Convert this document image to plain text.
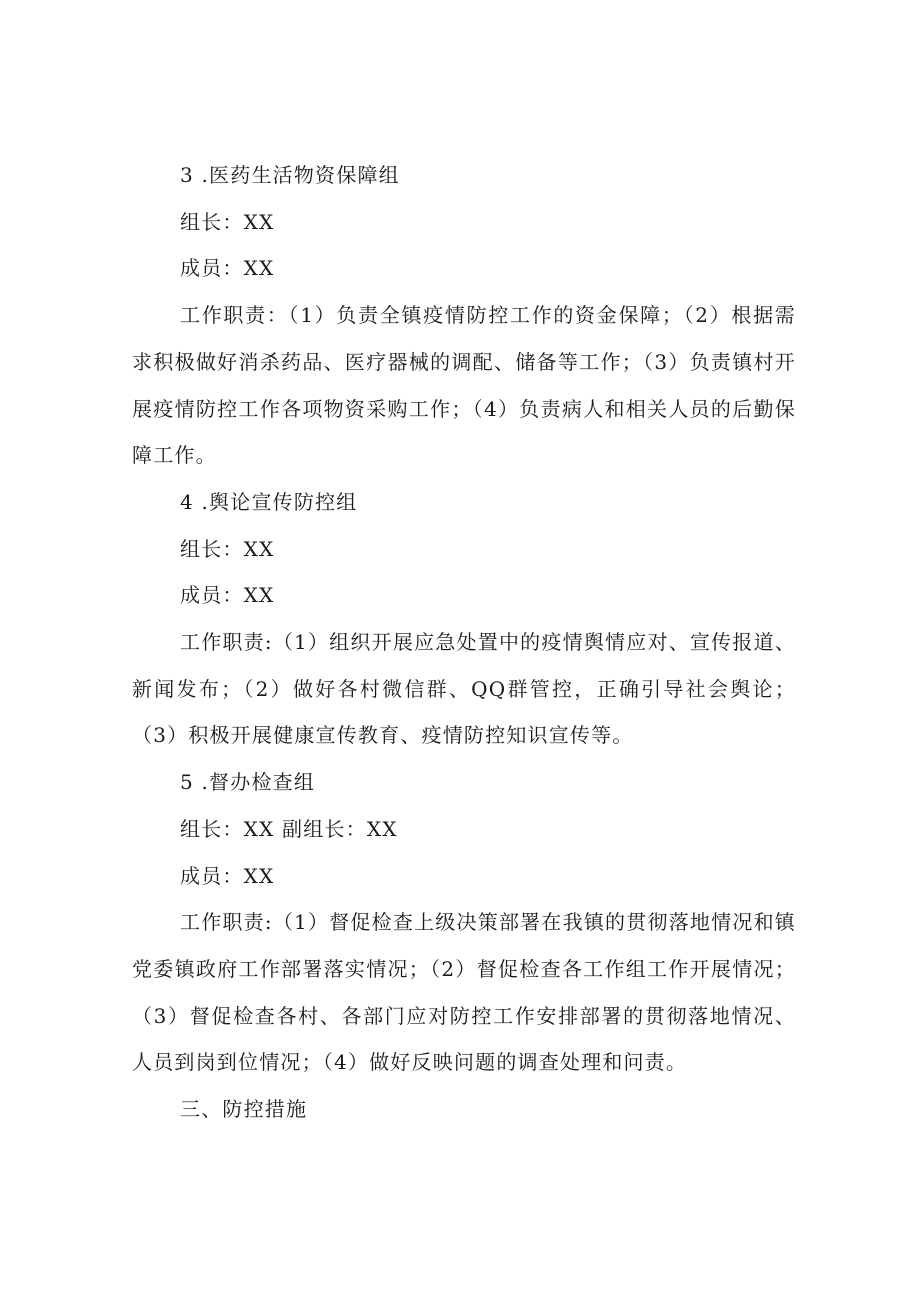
3 .医药生活物资保障组

组长：XX

成员：XX

工作职责：（1）负责全镇疫情防控工作的资金保障；（2）根据需求积极做好消杀药品、医疗器械的调配、储备等工作；（3）负责镇村开展疫情防控工作各项物资采购工作；（4）负责病人和相关人员的后勤保障工作。

4 .舆论宣传防控组

组长：XX

成员：XX

工作职责:（1）组织开展应急处置中的疫情舆情应对、宣传报道、新闻发布；（2）做好各村微信群、QQ群管控，正确引导社会舆论；（3）积极开展健康宣传教育、疫情防控知识宣传等。

5 .督办检查组

组长：XX 副组长：XX

成员：XX

工作职责:（1）督促检查上级决策部署在我镇的贯彻落地情况和镇党委镇政府工作部署落实情况；（2）督促检查各工作组工作开展情况；（3）督促检查各村、各部门应对防控工作安排部署的贯彻落地情况、人员到岗到位情况；（4）做好反映问题的调查处理和问责。

三、防控措施
